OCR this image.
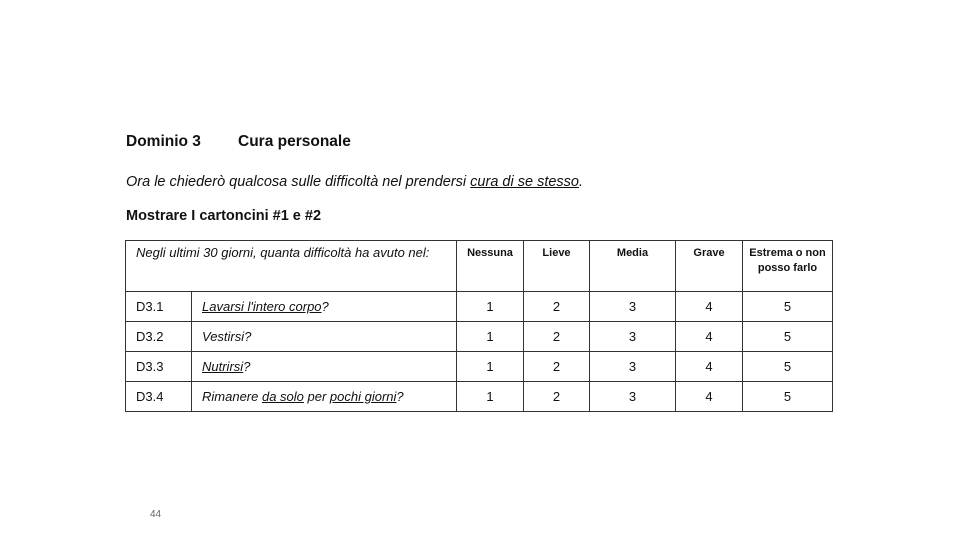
Dominio 3 Cura personale
Ora le chiederò qualcosa sulle difficoltà nel prendersi cura di se stesso.
Mostrare I cartoncini #1 e #2
Negli ultimi 30 giorni, quanta difficoltà ha avuto nel:		Nessuna	Lieve	Media	Grave	Estrema o non posso farlo
D3.1	Lavarsi l'intero corpo?	1	2	3	4	5
D3.2	Vestirsi?	1	2	3	4	5
D3.3	Nutrirsi?	1	2	3	4	5
D3.4	Rimanere da solo per pochi giorni?	1	2	3	4	5
44
